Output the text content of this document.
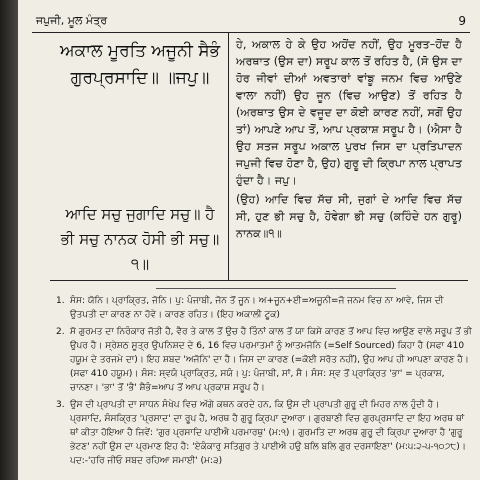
ਜਪੁਜੀ, ਮੂਲ ਮੰਤ੍ਰ	9
ਅਕਾਲ ਮੂਰਤਿ ਅਜੂਨੀ ਸੈਭੰ ਗੁਰਪ੍ਰਸਾਦਿ॥ ॥ਜਪੁ॥
ਆਦਿ ਸਚੁ ਜੁਗਾਦਿ ਸਚੁ॥ ਹੈ ਭੀ ਸਚੁ ਨਾਨਕ ਹੋਸੀ ਭੀ ਸਚੁ॥੧॥

ਹੇ, ਅਕਾਲ ਹੇ ਕੇ ਉਹ ਅਹੋਂਦ ਨਹੀਂ, ਉਹ ਮੂਰਤ–ਹੋਂਦ ਹੈ ਅਰਥਾਤ (ਉਸ ਦਾ) ਸਰੂਪ ਕਾਲ ਤੋਂ ਰਹਿਤ ਹੈ, (ਸੋ ਉਸ ਦਾ ਹੋਰ ਜੀਵਾਂ ਦੀਆਂ ਅਵਤਾਰਾਂ ਵਾਂਙੂ ਜਨਮ ਵਿਚ ਆਉਣੇ ਵਾਲਾ ਨਹੀਂ) ਉਹ ਜੂਨ (ਵਿਚ ਆਉਣ) ਤੋਂ ਰਹਿਤ ਹੈ (ਅਰਥਾਤ ਉਸ ਦੇ ਵਜੂਦ ਦਾ ਕੋਈ ਕਾਰਣ ਨਹੀਂ, ਸਗੋਂ ਉਹ ਤਾਂ) ਆਪਣੇ ਆਪ ਤੋਂ, ਆਪ ਪ੍ਰਕਾਸ਼ ਸਰੂਪ ਹੈ। (ਐਸਾ ਹੈ ਉਹ ਸਤਜ ਸਰੂਪ ਅਕਾਲ ਪੁਰਖ ਜਿਸ ਦਾ ਪ੍ਰਤਿਪਾਦਨ ਜਪੁਜੀ ਵਿਚ ਹੋਣਾ ਹੈ, ਉਹ) ਗੁਰੂ ਦੀ ਕ੍ਰਿਪਾ ਨਾਲ ਪ੍ਰਾਪਤ ਹੁੰਦਾ ਹੈ। ਜਪੁ।

(ਉਹ) ਆਦਿ ਵਿਚ ਸੱਚ ਸੀ, ਜੁਗਾਂ ਦੇ ਆਦਿ ਵਿਚ ਸੱਚ ਸੀ, ਹੁਣ ਭੀ ਸਚੁ ਹੈ, ਹੋਵੇਗਾ ਭੀ ਸਚੁ (ਕਹਿੰਦੇ ਹਨ ਗੁਰੂ) ਨਾਨਕ॥੧॥

1. ਸੰਸ: ਯੋਨਿ। ਪ੍ਰਾਕ੍ਰਿਤ, ਜੋਨਿ। ਪੁ: ਪੰਜਾਬੀ, ਜੋਨ ਤੋਂ ਜੂਨ। ਅ+ਜੂਨ+ਈ=ਅਜੂਨੀ=ਜੋ ਜਨਮ ਵਿਚ ਨਾ ਆਵੇ, ਜਿਸ ਦੀ ਉਤਪਤੀ ਦਾ ਕਾਰਣ ਨਾ ਹੋਵੇ। ਕਾਰਣ ਰਹਿਤ। (ਇਹ ਅਕਾਲੀ ਟੂਕ)
2. ਸੋ ਗੁਰਮਤ ਦਾ ਨਿਰੰਕਾਰ ਜੋਤੀ ਹੈ, ਵੈਰ ਤੇ ਕਾਲ ਤੋਂ ਉਚ ਹੈ ਤਿੰਨਾਂ ਕਾਲ ਤੋਂ ਯਾ ਕਿਸੇ ਕਾਰਣ ਤੋਂ ਆਪ ਵਿਚ ਆਉਣ ਵਾਲੇ ਸਰੂਪ ਤੋਂ ਭੀ ਉਪਰ ਹੈ। ਸ੍ਰੇਸ਼ਠ ਸੂਤ੍ਰ ਉਪਨਿਸ਼ਦ ਦੇ 6, 16 ਵਿਚ ਪਰਮਾਤਮਾਂ ਨੂੰ ਆਤਮਜੋਨਿ (=Self Sourced) ਕਿਹਾ ਹੈ (ਸਫਾ 410 ਹਯੂਮ ਦੇ ਤਰਜਮੇ ਦਾ)। ਇਹ ਸ਼ਬਦ 'ਅਜੋਨਿ' ਦਾ ਹੈ। ਜਿਸ ਦਾ ਕਾਰਣ (=ਕੋਈ ਸਰੋਤ ਨਹੀਂ), ਉਹ ਆਪ ਹੀ ਆਪਣਾ ਕਾਰਣ ਹੈ। (ਸਫਾ 410 ਹਯੂਮ)। ਸੰਸ: ਸ੍ਵਯੰ ਪ੍ਰਾਕ੍ਰਿਤ, ਸਯੰ। ਪੁ: ਪੰਜਾਬੀ, ਸਾਂ, ਸੈ। ਸੰਸ: ਸ੍ਵ ਤੋਂ ਪ੍ਰਾਕ੍ਰਿਤ 'ਭਾ' = ਪ੍ਰਕਾਸ਼, ਚਾਨਣਾ। 'ਭਾ' ਤੋਂ 'ਭੈ' ਸ਼ੈਭੰ=ਆਪ ਤੋਂ ਆਪ ਪ੍ਰਕਾਸ਼ ਸਰੂਪ ਹੈ।
3. ਉਸ ਦੀ ਪ੍ਰਾਪਤੀ ਦਾ ਸਾਧਨ ਸੰਖੇਪ ਵਿਚ ਅੱਗੇ ਕਥਨ ਕਰਦੇ ਹਨ, ਕਿ ਉਸ ਦੀ ਪ੍ਰਾਪਤੀ ਗੁਰੂ ਦੀ ਮਿਹਰ ਨਾਲ ਹੁੰਦੀ ਹੈ। ਪ੍ਰਸਾਦਿ, ਸੰਸਕ੍ਰਿਤ 'ਪ੍ਰਸਾਦ' ਦਾ ਰੂਪ ਹੈ, ਅਰਥ ਹੈ ਗੁਰੂ ਕ੍ਰਿਪਾ ਦੁਆਰਾ। ਗੁਰਬਾਣੀ ਵਿਚ ਗੁਰਪ੍ਰਸਾਦਿ ਦਾ ਇਹ ਅਰਥ ਥਾਂ ਥਾਂ ਕੀਤਾ ਹੋਇਆ ਹੈ ਜਿਵੇਂ: 'ਗੁਰ ਪ੍ਰਸਾਦਿ ਪਾਈਐ ਪਰਮਾਰਥੁ' (ਮ:੧)। ਗੁਰਮਤਿ ਦਾ ਅਰਥ ਗੁਰੂ ਦੀ ਕ੍ਰਿਪਾ ਦੁਆਰਾ ਹੈ 'ਗੁਰੂ ਭੇਟਣ' ਨਹੀਂ ਉਸ ਦਾ ਪ੍ਰਮਾਣ ਇਹ ਹੈ: 'ਏਕੰਕਾਰੁ ਸਤਿਗੁਰ ਤੇ ਪਾਈਐ ਹਉ ਬਲਿ ਬਲਿ ਗੁਰ ਦਰਸਾਇਣਾ' (ਮ:੫:੨-੫-੧੦੭੮)। ਪਦ:-'ਹਰਿ ਜੀਓ ਸਬਦ ਰਹਿਆ ਸਮਾਈ' (ਮ:੩)
